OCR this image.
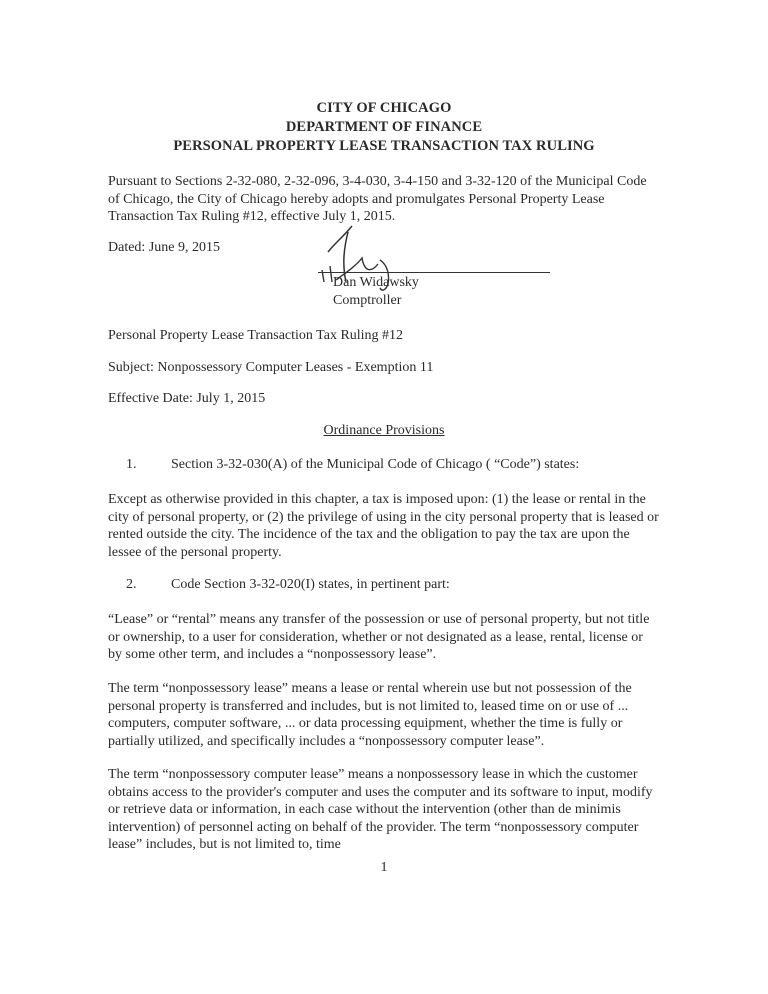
CITY OF CHICAGO
DEPARTMENT OF FINANCE
PERSONAL PROPERTY LEASE TRANSACTION TAX RULING

Pursuant to Sections 2-32-080, 2-32-096, 3-4-030, 3-4-150 and 3-32-120 of the Municipal Code of Chicago, the City of Chicago hereby adopts and promulgates Personal Property Lease Transaction Tax Ruling #12, effective July 1, 2015.

Dated: June 9, 2015
Dan Widawsky
Comptroller
Personal Property Lease Transaction Tax Ruling #12
Subject: Nonpossessory Computer Leases - Exemption 11
Effective Date: July 1, 2015
Ordinance Provisions
1. Section 3-32-030(A) of the Municipal Code of Chicago ( “Code”) states:

Except as otherwise provided in this chapter, a tax is imposed upon: (1) the lease or rental in the city of personal property, or (2) the privilege of using in the city personal property that is leased or rented outside the city. The incidence of the tax and the obligation to pay the tax are upon the lessee of the personal property.

2. Code Section 3-32-020(I) states, in pertinent part:

“Lease” or “rental” means any transfer of the possession or use of personal property, but not title or ownership, to a user for consideration, whether or not designated as a lease, rental, license or by some other term, and includes a “nonpossessory lease”.

The term “nonpossessory lease” means a lease or rental wherein use but not possession of the personal property is transferred and includes, but is not limited to, leased time on or use of ... computers, computer software, ... or data processing equipment, whether the time is fully or partially utilized, and specifically includes a “nonpossessory computer lease”.

The term “nonpossessory computer lease” means a nonpossessory lease in which the customer obtains access to the provider's computer and uses the computer and its software to input, modify or retrieve data or information, in each case without the intervention (other than de minimis intervention) of personnel acting on behalf of the provider. The term “nonpossessory computer lease” includes, but is not limited to, time

1
